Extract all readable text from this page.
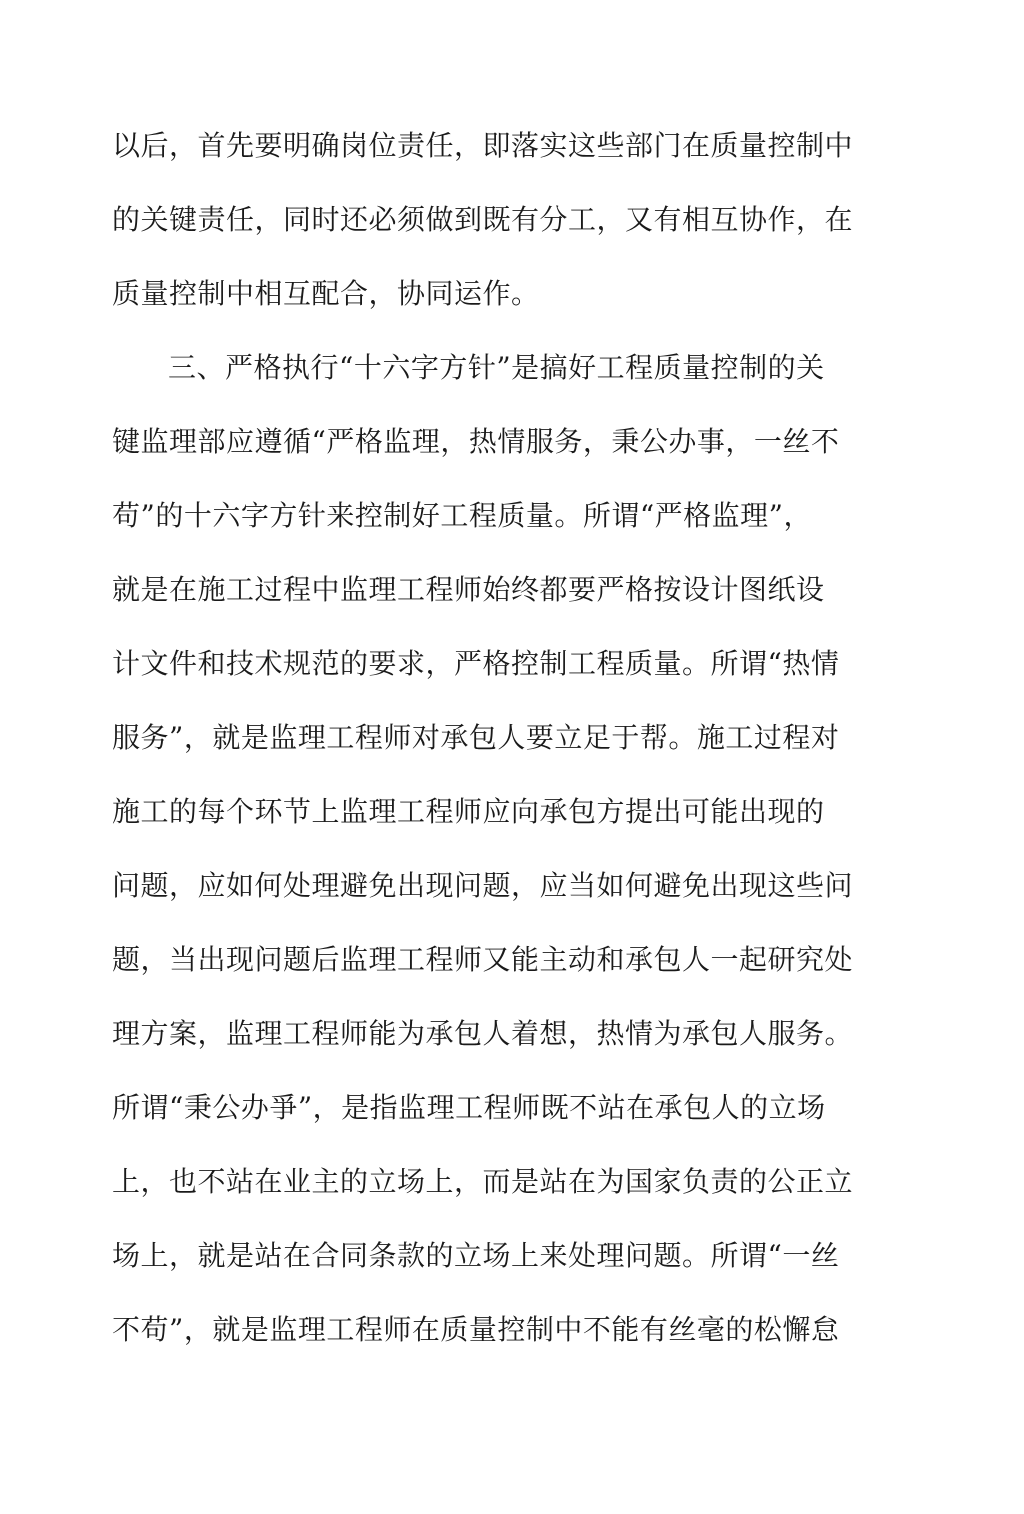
以后，首先要明确岗位责任，即落实这些部门在质量控制中
的关键责任，同时还必须做到既有分工，又有相互协作，在
质量控制中相互配合，协同运作。
三、严格执行“十六字方针”是搞好工程质量控制的关
键监理部应遵循“严格监理，热情服务，秉公办事，一丝不
苟”的十六字方针来控制好工程质量。所谓“严格监理”，
就是在施工过程中监理工程师始终都要严格按设计图纸设
计文件和技术规范的要求，严格控制工程质量。所谓“热情
服务”，就是监理工程师对承包人要立足于帮。施工过程对
施工的每个环节上监理工程师应向承包方提出可能出现的
问题，应如何处理避免出现问题，应当如何避免出现这些问
题，当出现问题后监理工程师又能主动和承包人一起研究处
理方案，监理工程师能为承包人着想，热情为承包人服务。
所谓“秉公办爭”，是指监理工程师既不站在承包人的立场
上，也不站在业主的立场上，而是站在为国家负责的公正立
场上，就是站在合同条款的立场上来处理问题。所谓“一丝
不苟”，就是监理工程师在质量控制中不能有丝毫的松懈怠
